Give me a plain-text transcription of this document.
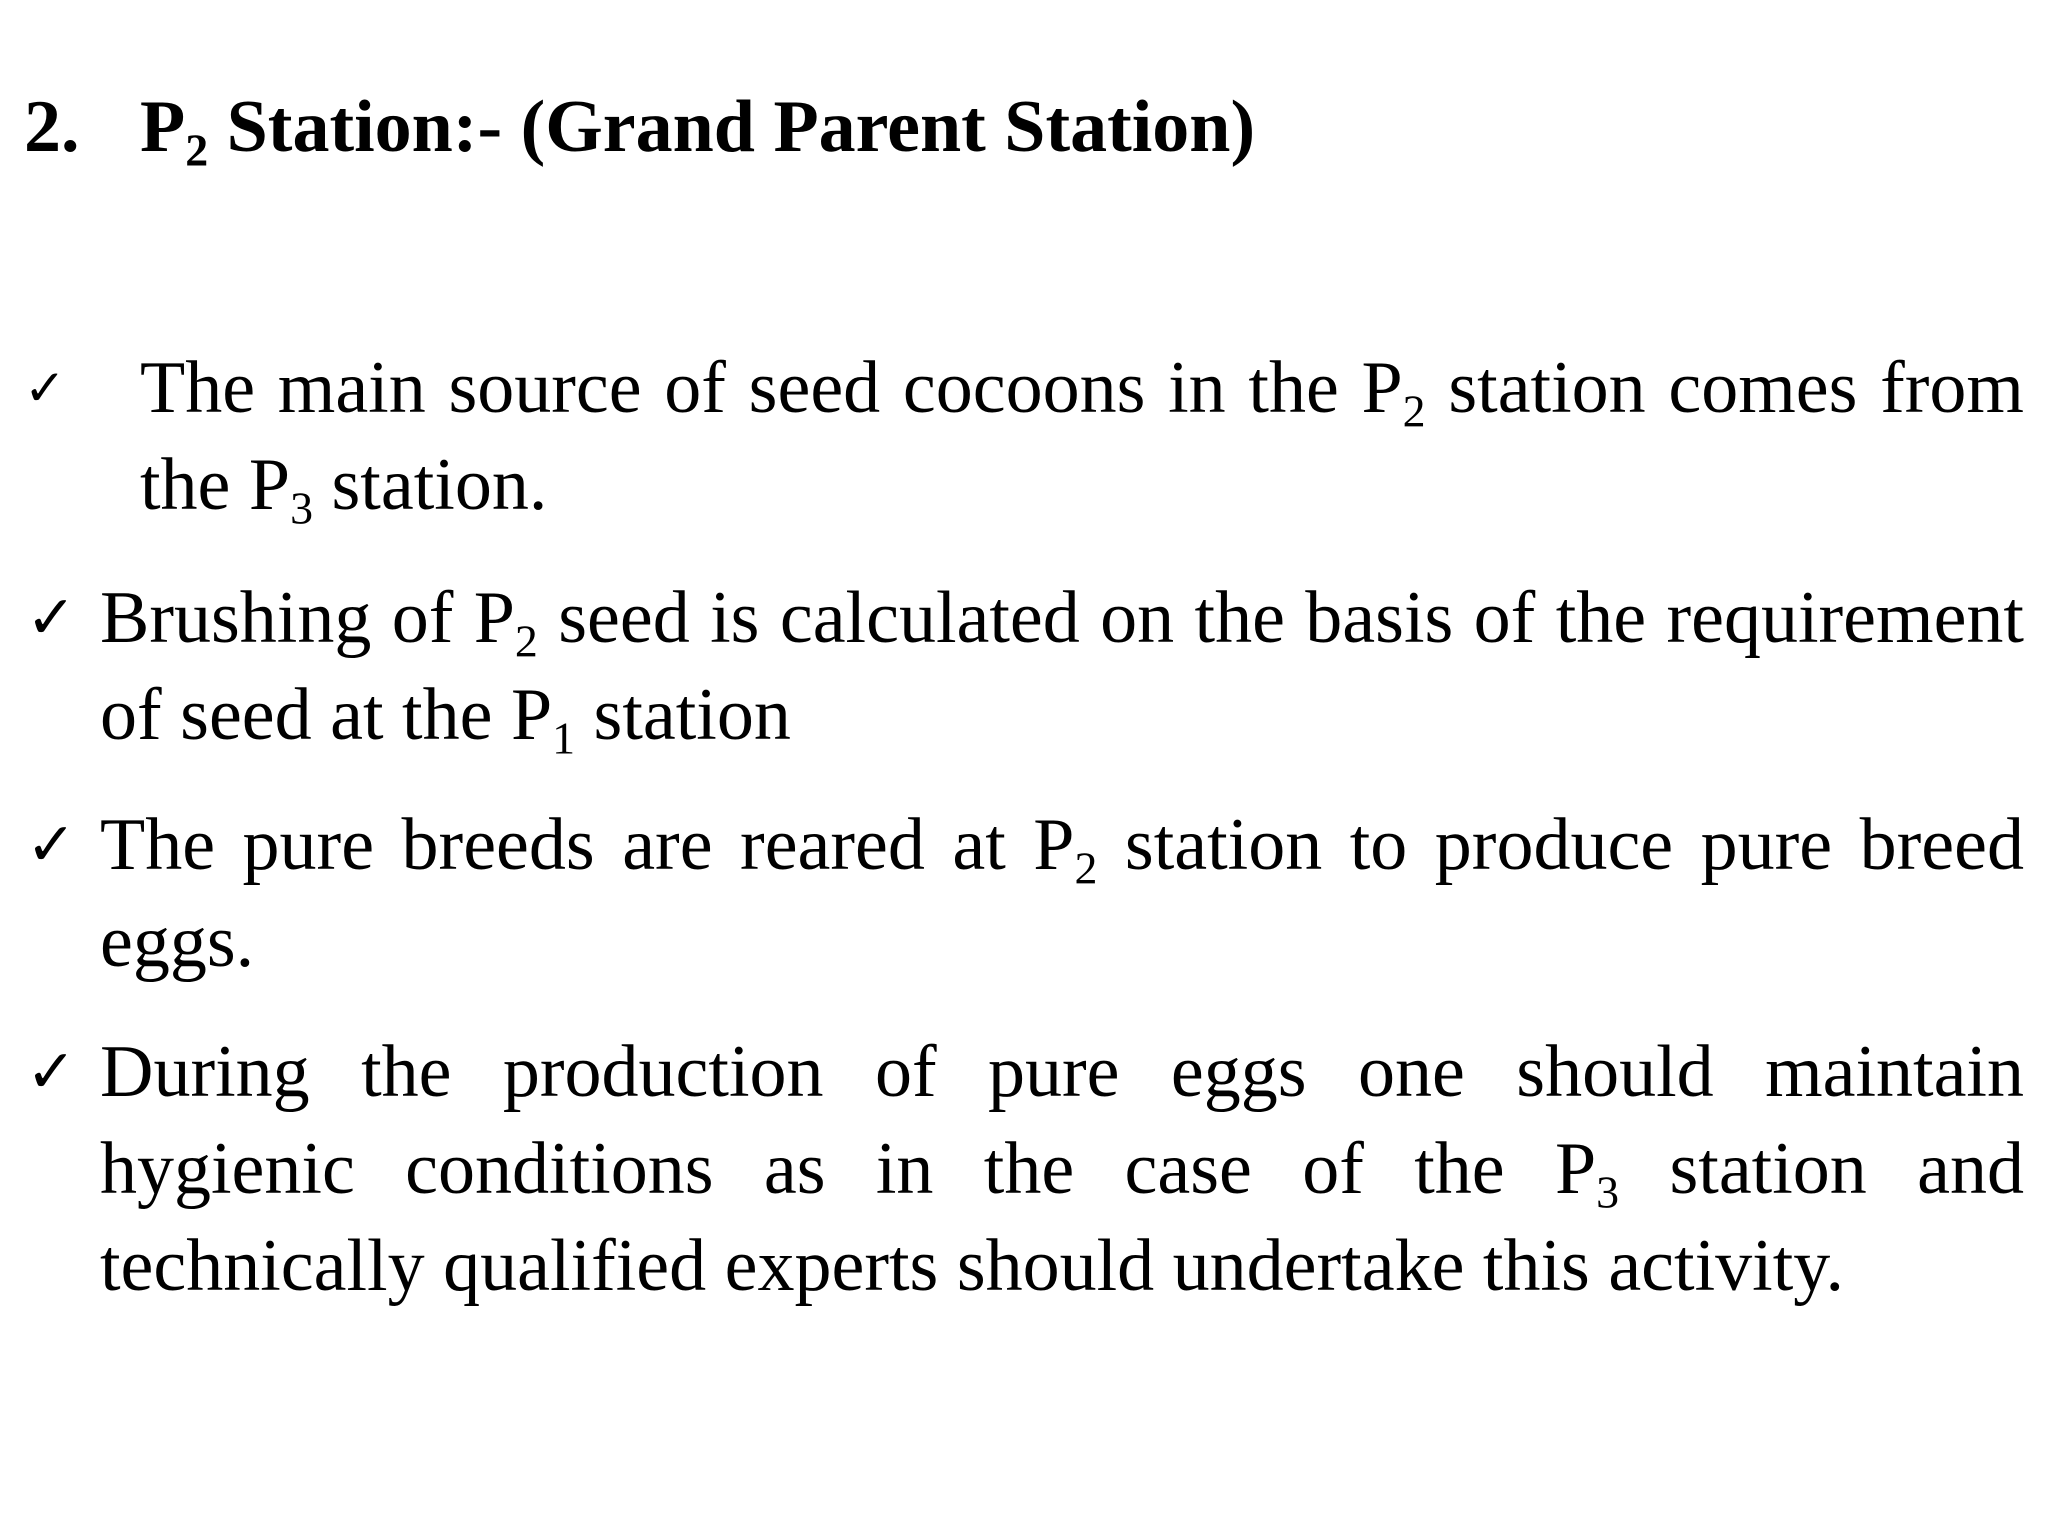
2. $P_2$ Station:- (Grand Parent Station)
✓ The main source of seed cocoons in the $P_2$ station comes from the $P_3$ station.
✓ Brushing of $P_2$ seed is calculated on the basis of the requirement of seed at the $P_1$ station
✓ The pure breeds are reared at $P_2$ station to produce pure breed eggs.
✓ During the production of pure eggs one should maintain hygienic conditions as in the case of the $P_3$ station and technically qualified experts should undertake this activity.
